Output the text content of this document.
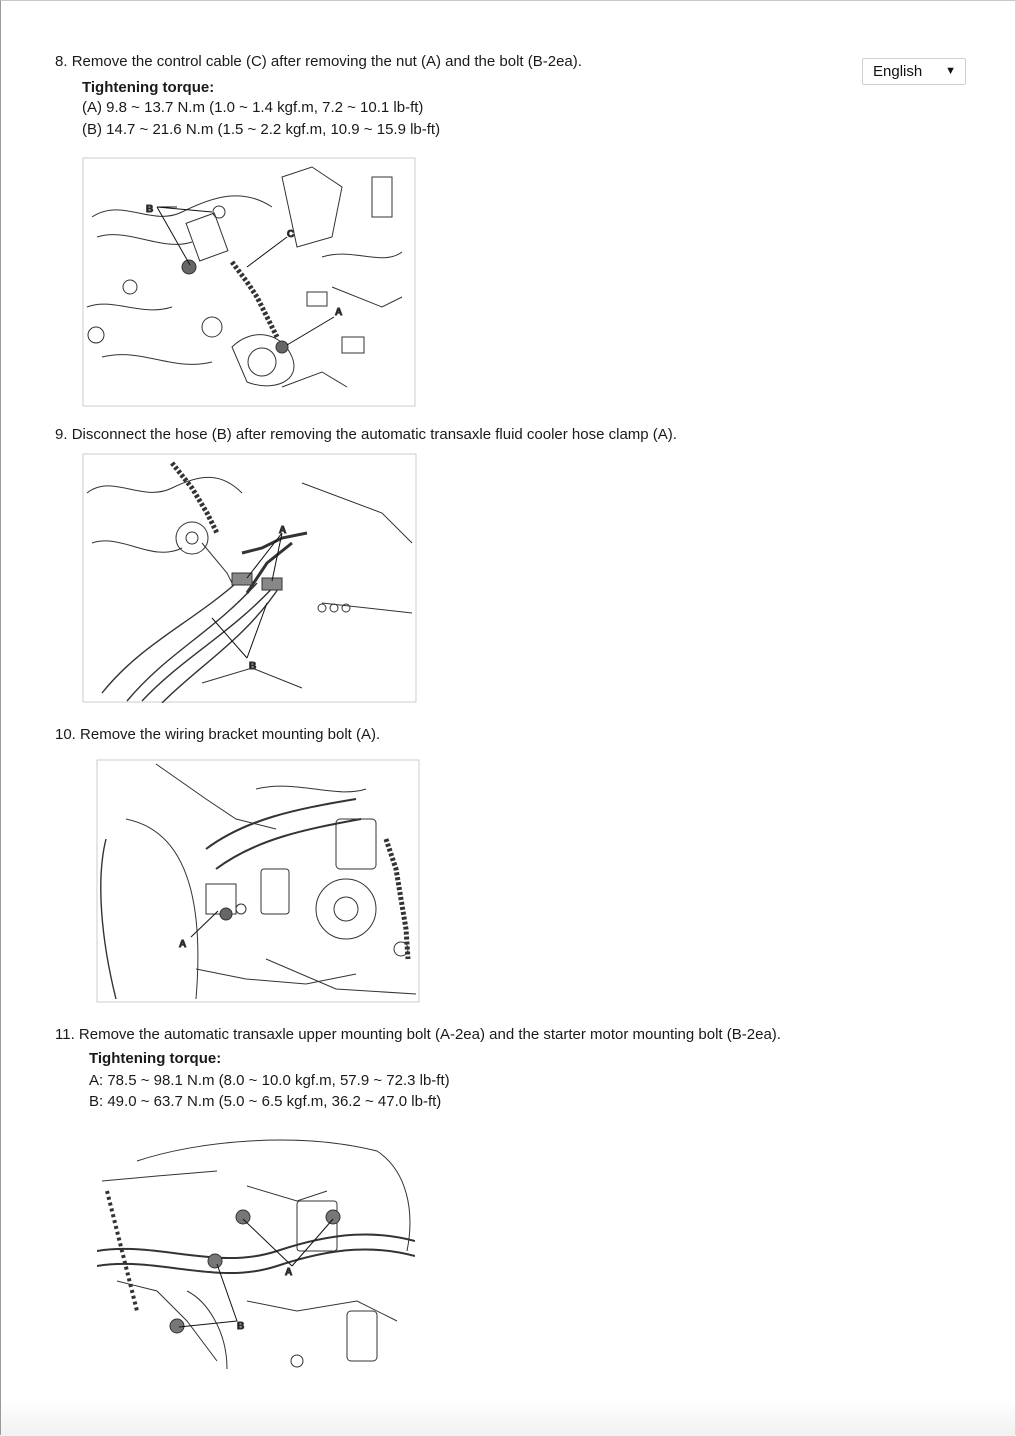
English ▼
8. Remove the control cable (C) after removing the nut (A) and the bolt (B-2ea).
Tightening torque:
(A) 9.8 ~ 13.7 N.m (1.0 ~ 1.4 kgf.m, 7.2 ~ 10.1 lb-ft)
(B) 14.7 ~ 21.6 N.m (1.5 ~ 2.2 kgf.m, 10.9 ~ 15.9 lb-ft)
B
C
A
9. Disconnect the hose (B) after removing the automatic transaxle fluid cooler hose clamp (A).
A
B
10. Remove the wiring bracket mounting bolt (A).
A
11. Remove the automatic transaxle upper mounting bolt (A-2ea) and the starter motor mounting bolt (B-2ea).
Tightening torque:
A: 78.5 ~ 98.1 N.m (8.0 ~ 10.0 kgf.m, 57.9 ~ 72.3 lb-ft)
B: 49.0 ~ 63.7 N.m (5.0 ~ 6.5 kgf.m, 36.2 ~ 47.0 lb-ft)
A
B
